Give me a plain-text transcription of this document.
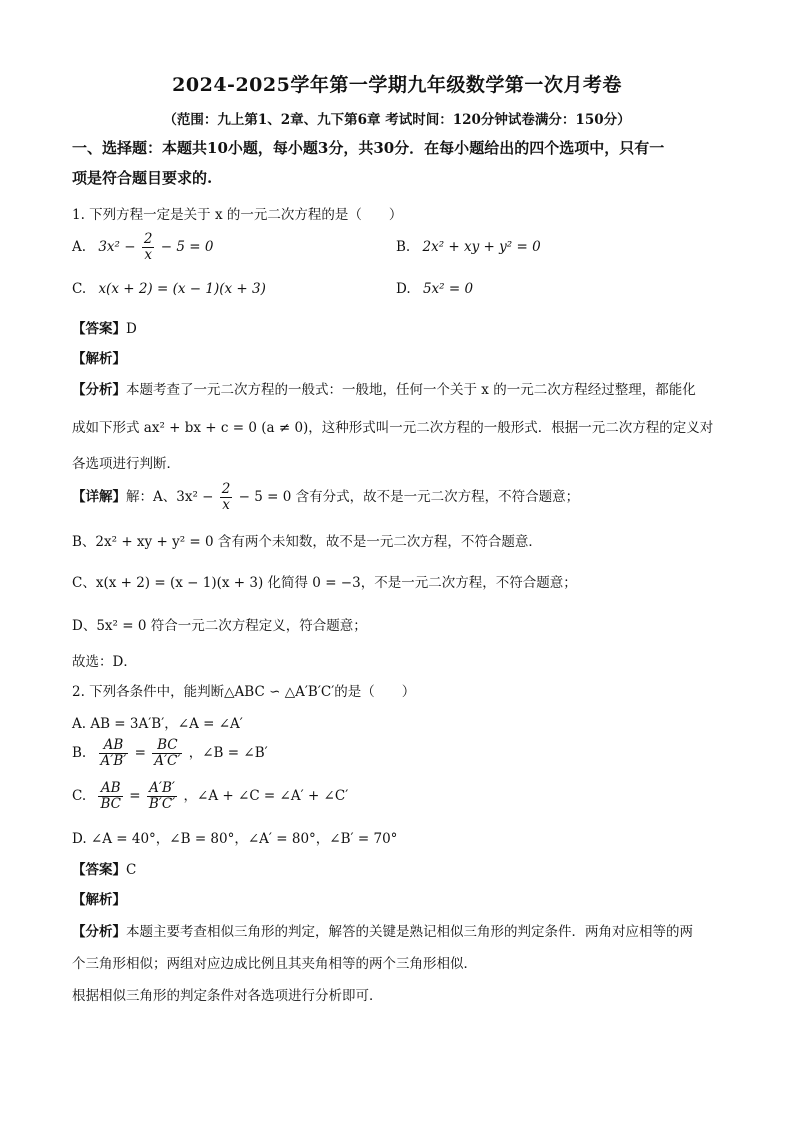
2024-2025学年第一学期九年级数学第一次月考卷
（范围：九上第1、2章、九下第6章 考试时间：120分钟试卷满分：150分）
一、选择题：本题共10小题，每小题3分，共30分．在每小题给出的四个选项中，只有一
项是符合题目要求的.
1. 下列方程一定是关于 x 的一元二次方程的是（　　）
A. $3x^2 - \frac{2}{x} - 5 = 0$	B. 2x² + xy + y² = 0
C. x(x + 2) = (x − 1)(x + 3)	D. 5x² = 0
【答案】D
【解析】
【分析】本题考查了一元二次方程的一般式：一般地，任何一个关于 x 的一元二次方程经过整理，都能化
成如下形式 ax² + bx + c = 0 (a ≠ 0)，这种形式叫一元二次方程的一般形式．根据一元二次方程的定义对
各选项进行判断．
【详解】解：A、$3x^2 - \frac{2}{x} - 5 = 0$ 含有分式，故不是一元二次方程，不符合题意；
B、2x² + xy + y² = 0 含有两个未知数，故不是一元二次方程，不符合题意．
C、x(x + 2) = (x − 1)(x + 3) 化简得 0 = −3，不是一元二次方程，不符合题意；
D、5x² = 0 符合一元二次方程定义，符合题意；
故选：D．
2. 下列各条件中，能判断△ABC ∽ △A′B′C′的是（　　）
A. AB = 3A′B′，∠A = ∠A′
B. $\frac{AB}{A'B'} = \frac{BC}{A'C'}$ ，∠B = ∠B′
C. $\frac{AB}{BC} = \frac{A'B'}{B'C'}$ ，∠A + ∠C = ∠A′ + ∠C′
D. ∠A = 40°，∠B = 80°，∠A′ = 80°，∠B′ = 70°
【答案】C
【解析】
【分析】本题主要考查相似三角形的判定，解答的关键是熟记相似三角形的判定条件．两角对应相等的两
个三角形相似；两组对应边成比例且其夹角相等的两个三角形相似．
根据相似三角形的判定条件对各选项进行分析即可．
